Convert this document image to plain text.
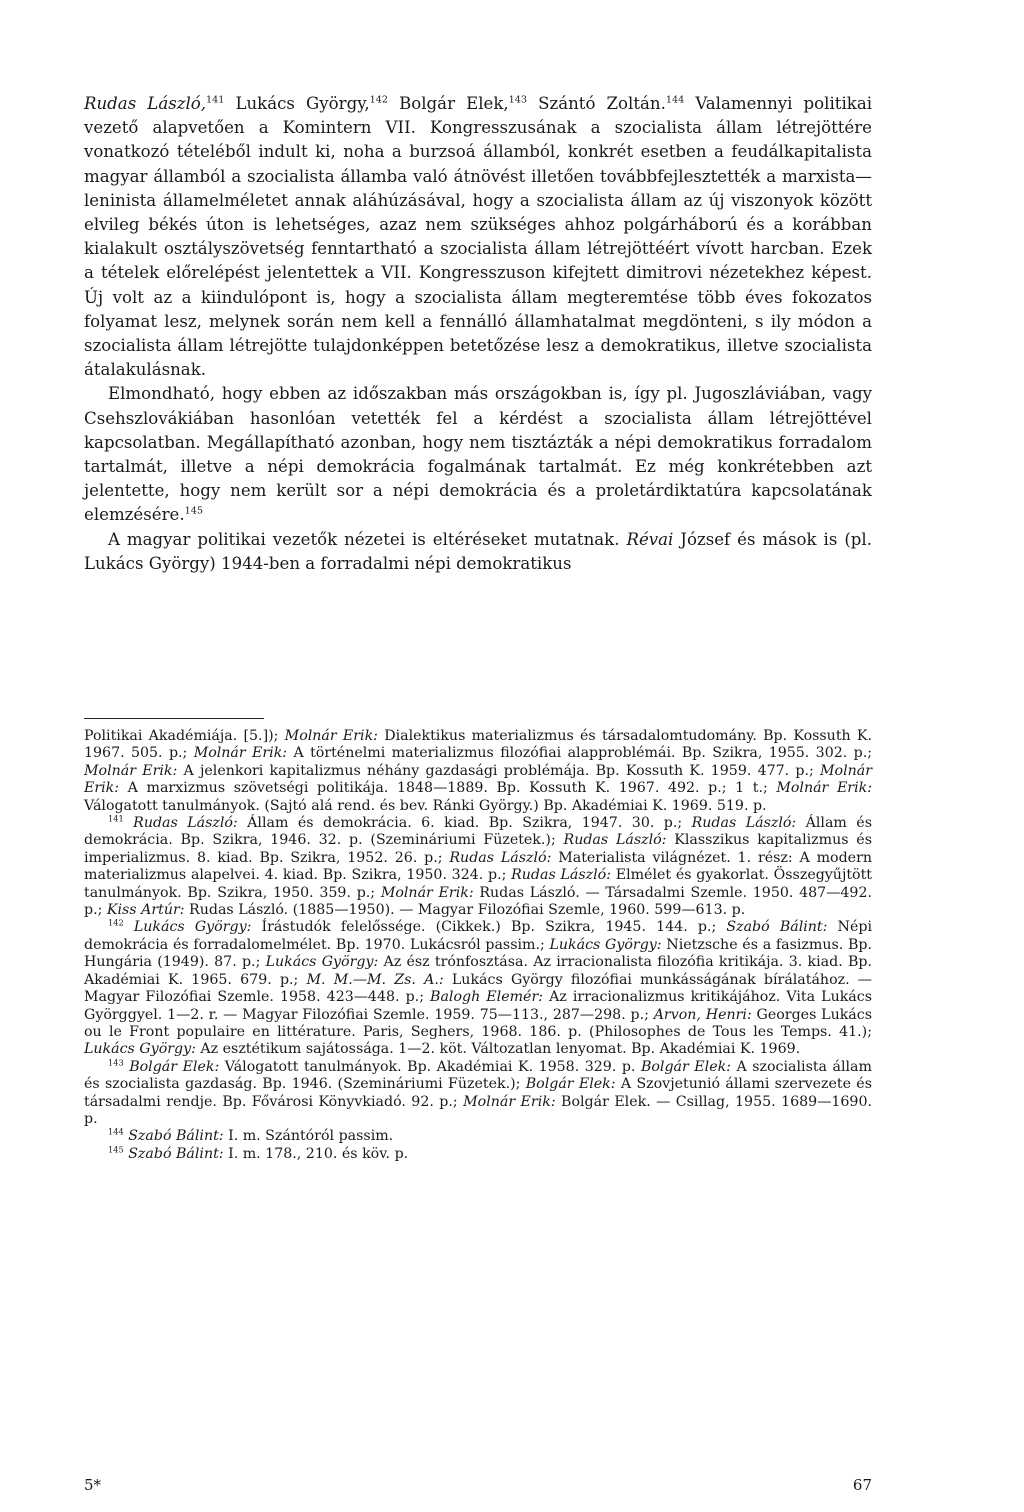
Rudas László,$^{141}$ Lukács György,$^{142}$ Bolgár Elek,$^{143}$ Szántó Zoltán.$^{144}$ Valamennyi politikai vezető alapvetően a Komintern VII. Kongresszusának a szocialista állam létrejöttére vonatkozó tételéből indult ki, noha a burzsoá államból, konkrét esetben a feudálkapitalista magyar államból a szocialista államba való átnövést illetően továbbfejlesztették a marxista—leninista államelméletet annak aláhúzásával, hogy a szocialista állam az új viszonyok között elvileg békés úton is lehetséges, azaz nem szükséges ahhoz polgárháború és a korábban kialakult osztályszövetség fenntartható a szocialista állam létrejöttéért vívott harcban. Ezek a tételek előrelépést jelentettek a VII. Kongresszuson kifejtett dimitrovi nézetekhez képest. Új volt az a kiindulópont is, hogy a szocialista állam megteremtése több éves fokozatos folyamat lesz, melynek során nem kell a fennálló államhatalmat megdönteni, s ily módon a szocialista állam létrejötte tulajdonképpen betetőzése lesz a demokratikus, illetve szocialista átalakulásnak.

Elmondható, hogy ebben az időszakban más országokban is, így pl. Jugoszláviában, vagy Csehszlovákiában hasonlóan vetették fel a kérdést a szocialista állam létrejöttével kapcsolatban. Megállapítható azonban, hogy nem tisztázták a népi demokratikus forradalom tartalmát, illetve a népi demokrácia fogalmának tartalmát. Ez még konkrétebben azt jelentette, hogy nem került sor a népi demokrácia és a proletárdiktatúra kapcsolatának elemzésére.$^{145}$

A magyar politikai vezetők nézetei is eltéréseket mutatnak. Révai József és mások is (pl. Lukács György) 1944-ben a forradalmi népi demokratikus

Politikai Akadémiája. [5.]); Molnár Erik: Dialektikus materializmus és társadalomtudomány. Bp. Kossuth K. 1967. 505. p.; Molnár Erik: A történelmi materializmus filozófiai alapproblémái. Bp. Szikra, 1955. 302. p.; Molnár Erik: A jelenkori kapitalizmus néhány gazdasági problémája. Bp. Kossuth K. 1959. 477. p.; Molnár Erik: A marxizmus szövetségi politikája. 1848—1889. Bp. Kossuth K. 1967. 492. p.; 1 t.; Molnár Erik: Válogatott tanulmányok. (Sajtó alá rend. és bev. Ránki György.) Bp. Akadémiai K. 1969. 519. p.

$^{141}$ Rudas László: Állam és demokrácia. 6. kiad. Bp. Szikra, 1947. 30. p.; Rudas László: Állam és demokrácia. Bp. Szikra, 1946. 32. p. (Szemináriumi Füzetek.); Rudas László: Klasszikus kapitalizmus és imperializmus. 8. kiad. Bp. Szikra, 1952. 26. p.; Rudas László: Materialista világnézet. 1. rész: A modern materializmus alapelvei. 4. kiad. Bp. Szikra, 1950. 324. p.; Rudas László: Elmélet és gyakorlat. Összegyűjtött tanulmányok. Bp. Szikra, 1950. 359. p.; Molnár Erik: Rudas László. — Társadalmi Szemle. 1950. 487—492. p.; Kiss Artúr: Rudas László. (1885—1950). — Magyar Filozófiai Szemle, 1960. 599—613. p.

$^{142}$ Lukács György: Írástudók felelőssége. (Cikkek.) Bp. Szikra, 1945. 144. p.; Szabó Bálint: Népi demokrácia és forradalomelmélet. Bp. 1970. Lukácsról passim.; Lukács György: Nietzsche és a fasizmus. Bp. Hungária (1949). 87. p.; Lukács György: Az ész trónfosztása. Az irracionalista filozófia kritikája. 3. kiad. Bp. Akadémiai K. 1965. 679. p.; M. M.—M. Zs. A.: Lukács György filozófiai munkásságának bírálatához. — Magyar Filozófiai Szemle. 1958. 423—448. p.; Balogh Elemér: Az irracionalizmus kritikájához. Vita Lukács Györggyel. 1—2. r. — Magyar Filozófiai Szemle. 1959. 75—113., 287—298. p.; Arvon, Henri: Georges Lukács ou le Front populaire en littérature. Paris, Seghers, 1968. 186. p. (Philosophes de Tous les Temps. 41.); Lukács György: Az esztétikum sajátossága. 1—2. köt. Változatlan lenyomat. Bp. Akadémiai K. 1969.

$^{143}$ Bolgár Elek: Válogatott tanulmányok. Bp. Akadémiai K. 1958. 329. p. Bolgár Elek: A szocialista állam és szocialista gazdaság. Bp. 1946. (Szemináriumi Füzetek.); Bolgár Elek: A Szovjetunió állami szervezete és társadalmi rendje. Bp. Fővárosi Könyvkiadó. 92. p.; Molnár Erik: Bolgár Elek. — Csillag, 1955. 1689—1690. p.

$^{144}$ Szabó Bálint: I. m. Szántóról passim.

$^{145}$ Szabó Bálint: I. m. 178., 210. és köv. p.

5*	67
